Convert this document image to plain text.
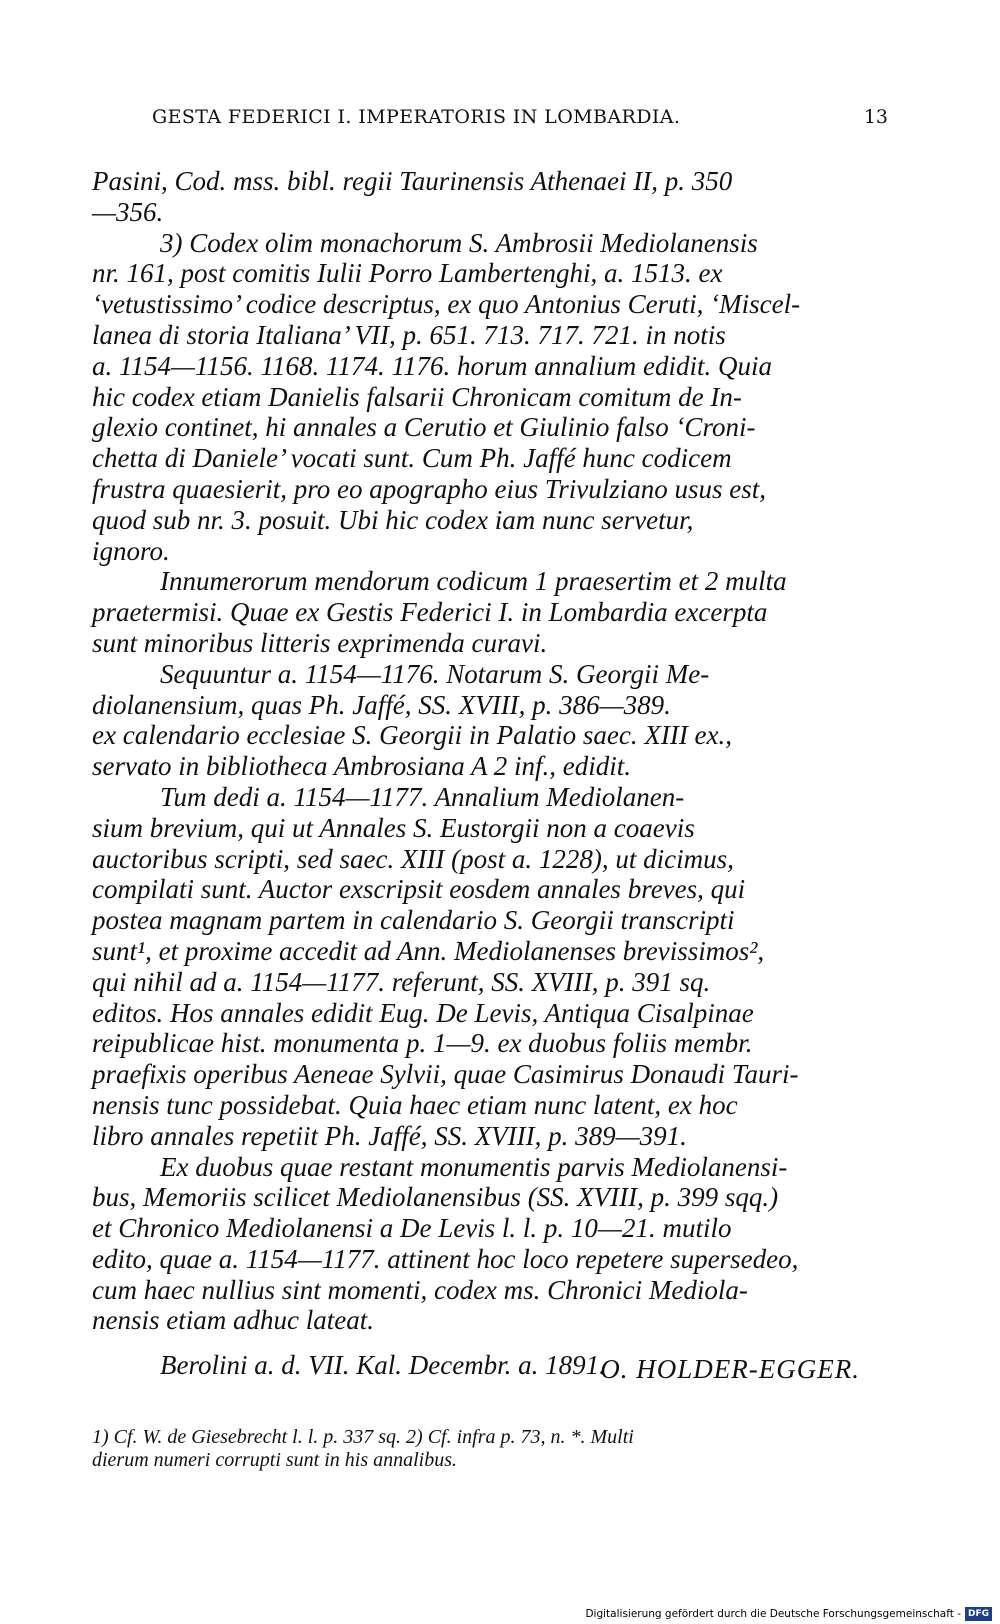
GESTA FEDERICI I. IMPERATORIS IN LOMBARDIA.	13
Pasini, Cod. mss. bibl. regii Taurinensis Athenaei II, p. 350
—356.
3) Codex olim monachorum S. Ambrosii Mediolanensis
nr. 161, post comitis Iulii Porro Lambertenghi, a. 1513. ex
‘vetustissimo’ codice descriptus, ex quo Antonius Ceruti, ‘Miscel-
lanea di storia Italiana’ VII, p. 651. 713. 717. 721. in notis
a. 1154—1156. 1168. 1174. 1176. horum annalium edidit. Quia
hic codex etiam Danielis falsarii Chronicam comitum de In-
glexio continet, hi annales a Cerutio et Giulinio falso ‘Croni-
chetta di Daniele’ vocati sunt. Cum Ph. Jaffé hunc codicem
frustra quaesierit, pro eo apographo eius Trivulziano usus est,
quod sub nr. 3. posuit. Ubi hic codex iam nunc servetur,
ignoro.
Innumerorum mendorum codicum 1 praesertim et 2 multa
praetermisi. Quae ex Gestis Federici I. in Lombardia excerpta
sunt minoribus litteris exprimenda curavi.
Sequuntur a. 1154—1176. Notarum S. Georgii Me-
diolanensium, quas Ph. Jaffé, SS. XVIII, p. 386—389.
ex calendario ecclesiae S. Georgii in Palatio saec. XIII ex.,
servato in bibliotheca Ambrosiana A 2 inf., edidit.
Tum dedi a. 1154—1177. Annalium Mediolanen-
sium brevium, qui ut Annales S. Eustorgii non a coaevis
auctoribus scripti, sed saec. XIII (post a. 1228), ut dicimus,
compilati sunt. Auctor exscripsit eosdem annales breves, qui
postea magnam partem in calendario S. Georgii transcripti
sunt¹, et proxime accedit ad Ann. Mediolanenses brevissimos²,
qui nihil ad a. 1154—1177. referunt, SS. XVIII, p. 391 sq.
editos. Hos annales edidit Eug. De Levis, Antiqua Cisalpinae
reipublicae hist. monumenta p. 1—9. ex duobus foliis membr.
praefixis operibus Aeneae Sylvii, quae Casimirus Donaudi Tauri-
nensis tunc possidebat. Quia haec etiam nunc latent, ex hoc
libro annales repetiit Ph. Jaffé, SS. XVIII, p. 389—391.
Ex duobus quae restant monumentis parvis Mediolanensi-
bus, Memoriis scilicet Mediolanensibus (SS. XVIII, p. 399 sqq.)
et Chronico Mediolanensi a De Levis l. l. p. 10—21. mutilo
edito, quae a. 1154—1177. attinent hoc loco repetere supersedeo,
cum haec nullius sint momenti, codex ms. Chronici Mediola-
nensis etiam adhuc lateat.
Berolini a. d. VII. Kal. Decembr. a. 1891.
O. HOLDER-EGGER.
1) Cf. W. de Giesebrecht l. l. p. 337 sq. 2) Cf. infra p. 73, n. *. Multi
dierum numeri corrupti sunt in his annalibus.
Digitalisierung gefördert durch die Deutsche Forschungsgemeinschaft - DFG
